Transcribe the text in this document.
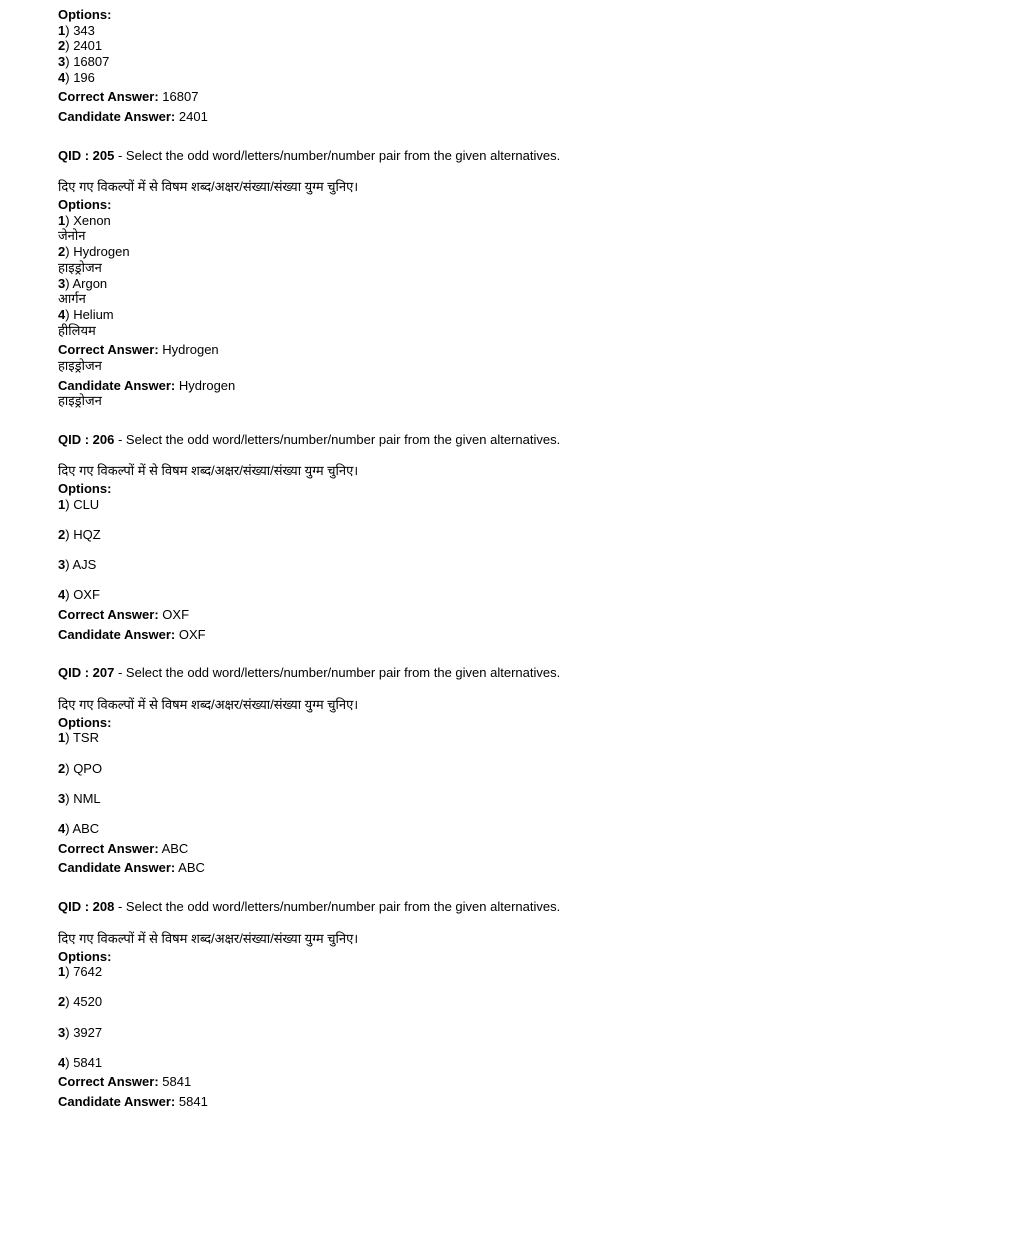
Options:

1) 343
2) 2401
3) 16807
4) 196

Correct Answer: 16807

Candidate Answer: 2401

QID : 205 - Select the odd word/letters/number/number pair from the given alternatives.

दिए गए विकल्पों में से विषम शब्द/अक्षर/संख्या/संख्या युग्म चुनिए।

Options:

1) Xenon
जेनोन
2) Hydrogen
हाइड्रोजन
3) Argon
आर्गन
4) Helium
हीलियम

Correct Answer: Hydrogen

हाइड्रोजन

Candidate Answer: Hydrogen

हाइड्रोजन

QID : 206 - Select the odd word/letters/number/number pair from the given alternatives.

दिए गए विकल्पों में से विषम शब्द/अक्षर/संख्या/संख्या युग्म चुनिए।

Options:

1) CLU
2) HQZ
3) AJS
4) OXF

Correct Answer: OXF

Candidate Answer: OXF

QID : 207 - Select the odd word/letters/number/number pair from the given alternatives.

दिए गए विकल्पों में से विषम शब्द/अक्षर/संख्या/संख्या युग्म चुनिए।

Options:

1) TSR
2) QPO
3) NML
4) ABC

Correct Answer: ABC

Candidate Answer: ABC

QID : 208 - Select the odd word/letters/number/number pair from the given alternatives.

दिए गए विकल्पों में से विषम शब्द/अक्षर/संख्या/संख्या युग्म चुनिए।

Options:

1) 7642
2) 4520
3) 3927
4) 5841

Correct Answer: 5841

Candidate Answer: 5841
